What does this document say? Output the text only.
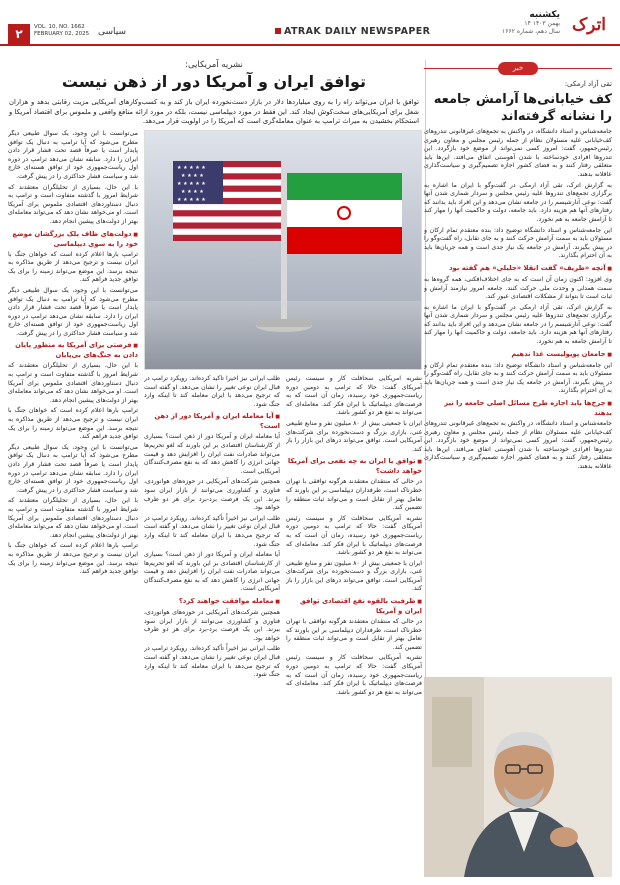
۲	VOL. 10, NO. 1662
FEBRUARY 02, 2025 سیاسی	ATRAK DAILY NEWSPAPER
یکشنبه
۱۴ بهمن ۱۴۰۳
سال دهم، شماره ۱۶۶۲ اترک
نشریه آمریکایی:
توافق ایران و آمریکا دور از ذهن نیست
توافق با ایران می‌تواند راه را به روی میلیاردها دلار در بازار دست‌نخورده ایران باز کند و به کسب‌وکارهای آمریکایی مزیت رقابتی بدهد و هزاران شغل برای آمریکایی‌های سخت‌کوش ایجاد کند. این فقط در مورد دیپلماسی نیست، بلکه در مورد ارائه منافع واقعی و ملموس برای اقتصاد آمریکا و استحکام بخشیدن به میراث ترامپ به عنوان معامله‌گری است که آمریکا را در اولویت قرار می‌دهد.
★ ★ ★ ★ ★
★ ★ ★ ★
★ ★ ★ ★ ★
★ ★ ★ ★
★ ★ ★ ★ ★

می‌توانست با این وجود، یک سوال طبیعی دیگر مطرح می‌شود که آیا ترامپ به دنبال یک توافق پایدار است یا صرفاً قصد تحت فشار قرار دادن ایران را دارد. سابقه نشان می‌دهد ترامپ در دوره اول ریاست‌جمهوری خود از توافق هسته‌ای خارج شد و سیاست فشار حداکثری را در پیش گرفت.

با این حال، بسیاری از تحلیلگران معتقدند که شرایط امروز با گذشته متفاوت است و ترامپ به دنبال دستاوردهای اقتصادی ملموس برای آمریکا است. او می‌خواهد نشان دهد که می‌تواند معامله‌ای بهتر از دولت‌های پیشین انجام دهد.

■ دولت‌های ظاف پلک بزرگشان موضع خود را به سوی دیپلماسی

ترامپ بارها اعلام کرده است که خواهان جنگ با ایران نیست و ترجیح می‌دهد از طریق مذاکره به نتیجه برسد. این موضع می‌تواند زمینه را برای یک توافق جدید فراهم کند.

می‌توانست با این وجود، یک سوال طبیعی دیگر مطرح می‌شود که آیا ترامپ به دنبال یک توافق پایدار است یا صرفاً قصد تحت فشار قرار دادن ایران را دارد. سابقه نشان می‌دهد ترامپ در دوره اول ریاست‌جمهوری خود از توافق هسته‌ای خارج شد و سیاست فشار حداکثری را در پیش گرفت.

■ فرصتی برای آمریکا به منظور پایان دادن به جنگ‌های بی‌پایان

با این حال، بسیاری از تحلیلگران معتقدند که شرایط امروز با گذشته متفاوت است و ترامپ به دنبال دستاوردهای اقتصادی ملموس برای آمریکا است. او می‌خواهد نشان دهد که می‌تواند معامله‌ای بهتر از دولت‌های پیشین انجام دهد.

ترامپ بارها اعلام کرده است که خواهان جنگ با ایران نیست و ترجیح می‌دهد از طریق مذاکره به نتیجه برسد. این موضع می‌تواند زمینه را برای یک توافق جدید فراهم کند.

می‌توانست با این وجود، یک سوال طبیعی دیگر مطرح می‌شود که آیا ترامپ به دنبال یک توافق پایدار است یا صرفاً قصد تحت فشار قرار دادن ایران را دارد. سابقه نشان می‌دهد ترامپ در دوره اول ریاست‌جمهوری خود از توافق هسته‌ای خارج شد و سیاست فشار حداکثری را در پیش گرفت.

با این حال، بسیاری از تحلیلگران معتقدند که شرایط امروز با گذشته متفاوت است و ترامپ به دنبال دستاوردهای اقتصادی ملموس برای آمریکا است. او می‌خواهد نشان دهد که می‌تواند معامله‌ای بهتر از دولت‌های پیشین انجام دهد.

ترامپ بارها اعلام کرده است که خواهان جنگ با ایران نیست و ترجیح می‌دهد از طریق مذاکره به نتیجه برسد. این موضع می‌تواند زمینه را برای یک توافق جدید فراهم کند.

نشریه آمریکایی سحافلت کار و سیست رئیس آمریکای گفت: حالا که ترامپ به دومین دوره ریاست‌جمهوری خود رسیده، زمان آن است که به فرصت‌های دیپلماتیک با ایران فکر کند. معامله‌ای که می‌تواند به نفع هر دو کشور باشد.

ایران با جمعیتی بیش از ۸۰ میلیون نفر و منابع طبیعی غنی، بازاری بزرگ و دست‌نخورده برای شرکت‌های آمریکایی است. توافق می‌تواند درهای این بازار را باز کند.

■ توافق با ایران به چه نفعی برای آمریکا خواهد داشت؟

در حالی که منتقدان معتقدند هرگونه توافقی با تهران خطرناک است، طرفداران دیپلماسی بر این باورند که تعامل بهتر از تقابل است و می‌تواند ثبات منطقه را تضمین کند.

نشریه آمریکایی سحافلت کار و سیست رئیس آمریکای گفت: حالا که ترامپ به دومین دوره ریاست‌جمهوری خود رسیده، زمان آن است که به فرصت‌های دیپلماتیک با ایران فکر کند. معامله‌ای که می‌تواند به نفع هر دو کشور باشد.

ایران با جمعیتی بیش از ۸۰ میلیون نفر و منابع طبیعی غنی، بازاری بزرگ و دست‌نخورده برای شرکت‌های آمریکایی است. توافق می‌تواند درهای این بازار را باز کند.

■ ظرفیت بالقوه نفع اقتصادی توافق ایران و آمریکا

در حالی که منتقدان معتقدند هرگونه توافقی با تهران خطرناک است، طرفداران دیپلماسی بر این باورند که تعامل بهتر از تقابل است و می‌تواند ثبات منطقه را تضمین کند.

نشریه آمریکایی سحافلت کار و سیست رئیس آمریکای گفت: حالا که ترامپ به دومین دوره ریاست‌جمهوری خود رسیده، زمان آن است که به فرصت‌های دیپلماتیک با ایران فکر کند. معامله‌ای که می‌تواند به نفع هر دو کشور باشد.

طلب ایرانی نیز اخیراً تأکید کرده‌اند. رویکرد ترامپ در قبال ایران نوعی تغییر را نشان می‌دهد. او گفته است که ترجیح می‌دهد با ایران معامله کند تا اینکه وارد جنگ شود.

■ آیا معامله ایران و آمریکا دور از ذهن است؟

آیا معامله ایران و آمریکا دور از ذهن است؟ بسیاری از کارشناسان اقتصادی بر این باورند که لغو تحریم‌ها می‌تواند صادرات نفت ایران را افزایش دهد و قیمت جهانی انرژی را کاهش دهد که به نفع مصرف‌کنندگان آمریکایی است.

همچنین شرکت‌های آمریکایی در حوزه‌های هوانوردی، فناوری و کشاورزی می‌توانند از بازار ایران سود ببرند. این یک فرصت برد-برد برای هر دو طرف خواهد بود.

طلب ایرانی نیز اخیراً تأکید کرده‌اند. رویکرد ترامپ در قبال ایران نوعی تغییر را نشان می‌دهد. او گفته است که ترجیح می‌دهد با ایران معامله کند تا اینکه وارد جنگ شود.

آیا معامله ایران و آمریکا دور از ذهن است؟ بسیاری از کارشناسان اقتصادی بر این باورند که لغو تحریم‌ها می‌تواند صادرات نفت ایران را افزایش دهد و قیمت جهانی انرژی را کاهش دهد که به نفع مصرف‌کنندگان آمریکایی است.

■ معامله موافقت خواهند کرد؟

همچنین شرکت‌های آمریکایی در حوزه‌های هوانوردی، فناوری و کشاورزی می‌توانند از بازار ایران سود ببرند. این یک فرصت برد-برد برای هر دو طرف خواهد بود.

طلب ایرانی نیز اخیراً تأکید کرده‌اند. رویکرد ترامپ در قبال ایران نوعی تغییر را نشان می‌دهد. او گفته است که ترجیح می‌دهد با ایران معامله کند تا اینکه وارد جنگ شود.

خبر
تقی آزاد ارمکی:
کف خیابانی‌ها آرامش جامعه را نشانه گرفته‌اند

جامعه‌شناس و استاد دانشگاه، در واکنش به تجمع‌های غیرقانونی تندروهای کف‌خیابانی علیه مسئولان نظام از جمله رئیس مجلس و معاون رهبری رئیس‌جمهور، گفت: امروز کسی نمی‌تواند از موضع خود بازگردد. این تندروها افرادی خودساخته با شدن آهوستی اتفاق می‌افتد. این‌ها باید متعلقی رفتار کنند و به فضای کشور اجازه تصمیم‌گیری و سیاست‌گذاری عاقلانه بدهند.

به گزارش اترک، تقی آزاد ارمکی در گفت‌وگو با ایران ما اشاره به برگزاری تجمع‌های تندروها علیه رئیس مجلس و سردار شماری شدن آنها گفت: نوعی آنارشیسم را در جامعه نشان می‌دهد و این افراد باید بدانند که رفتارهای آنها هم هزینه دارد. باید جامعه، دولت و حاکمیت آنها را مهار کند تا آرامش جامعه به هم نخورد.

این جامعه‌شناس و استاد دانشگاه توضیح داد: بنده معتقدم تمام ارکان و مسئولان باید به سمت آرامش حرکت کنند و به جای تقابل، راه گفت‌وگو را در پیش بگیرند. آرامش در جامعه یک نیاز جدی است و همه جریان‌ها باید به آن احترام بگذارند.

■ آنچه «ظریف» گفت انقلا «جلیلی» هم گفته بود

وی افزود: اکنون زمان آن است که به جای اختلاف‌افکنی، همه گروه‌ها به سمت همدلی و وحدت ملی حرکت کنند. جامعه امروز نیازمند آرامش و ثبات است تا بتواند از مشکلات اقتصادی عبور کند.

به گزارش اترک، تقی آزاد ارمکی در گفت‌وگو با ایران ما اشاره به برگزاری تجمع‌های تندروها علیه رئیس مجلس و سردار شماری شدن آنها گفت: نوعی آنارشیسم را در جامعه نشان می‌دهد و این افراد باید بدانند که رفتارهای آنها هم هزینه دارد. باید جامعه، دولت و حاکمیت آنها را مهار کند تا آرامش جامعه به هم نخورد.

■ جامعان پوپولیست غذا ندهیم

این جامعه‌شناس و استاد دانشگاه توضیح داد: بنده معتقدم تمام ارکان و مسئولان باید به سمت آرامش حرکت کنند و به جای تقابل، راه گفت‌وگو را در پیش بگیرند. آرامش در جامعه یک نیاز جدی است و همه جریان‌ها باید به آن احترام بگذارند.

■ چرخ‌ها باید اجازه طرح مسائل اصلی جامعه را نیز بدهند

جامعه‌شناس و استاد دانشگاه، در واکنش به تجمع‌های غیرقانونی تندروهای کف‌خیابانی علیه مسئولان نظام از جمله رئیس مجلس و معاون رهبری رئیس‌جمهور، گفت: امروز کسی نمی‌تواند از موضع خود بازگردد. این تندروها افرادی خودساخته با شدن آهوستی اتفاق می‌افتد. این‌ها باید متعلقی رفتار کنند و به فضای کشور اجازه تصمیم‌گیری و سیاست‌گذاری عاقلانه بدهند.
